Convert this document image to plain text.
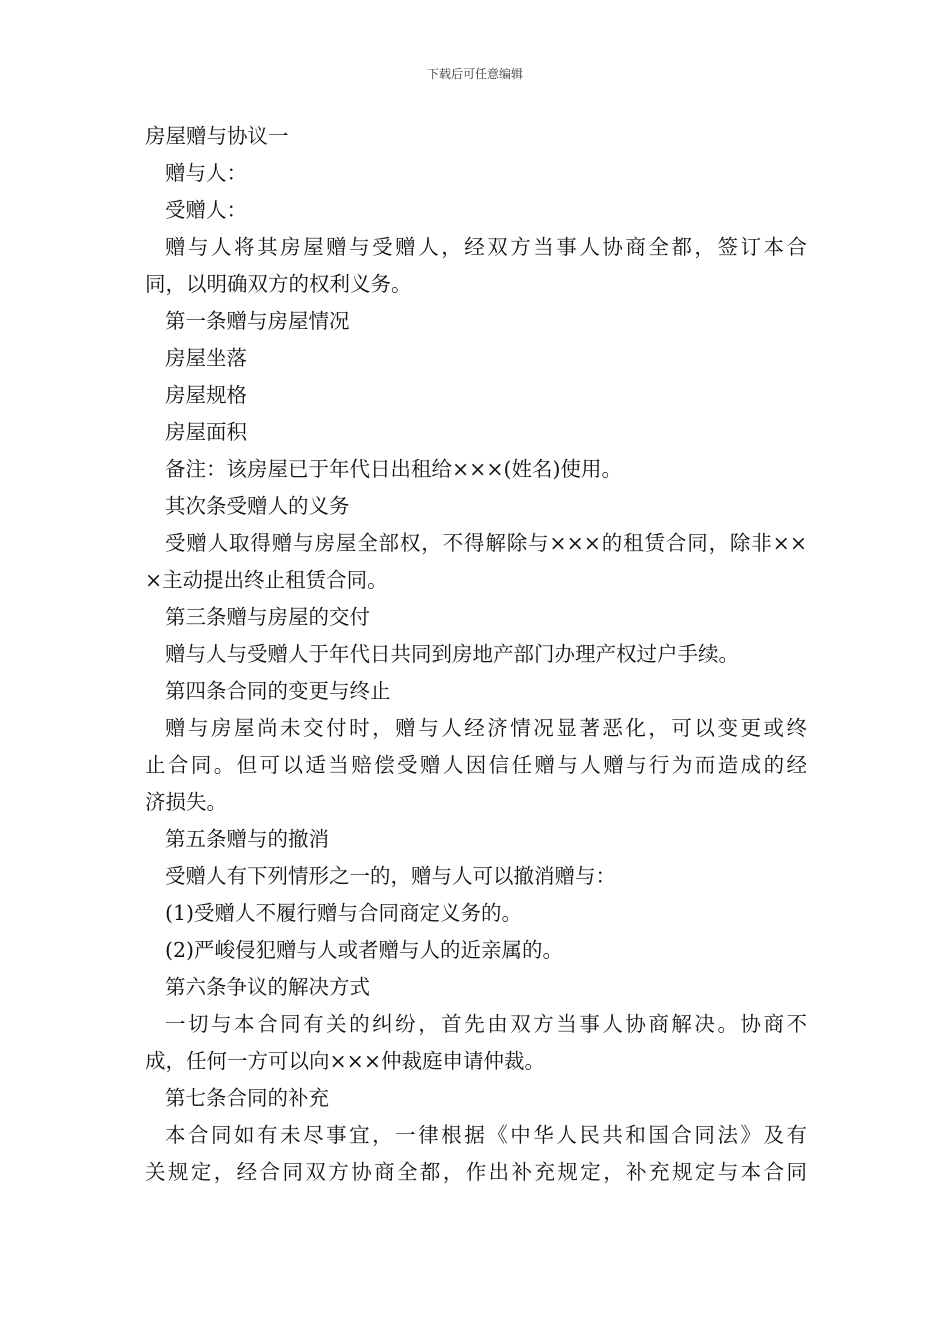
下载后可任意编辑
房屋赠与协议一
赠与人：
受赠人：
赠与人将其房屋赠与受赠人，经双方当事人协商全都，签订本合
同，以明确双方的权利义务。
第一条赠与房屋情况
房屋坐落
房屋规格
房屋面积
备注：该房屋已于年代日出租给×××(姓名)使用。
其次条受赠人的义务
受赠人取得赠与房屋全部权，不得解除与×××的租赁合同，除非××
×主动提出终止租赁合同。
第三条赠与房屋的交付
赠与人与受赠人于年代日共同到房地产部门办理产权过户手续。
第四条合同的变更与终止
赠与房屋尚未交付时，赠与人经济情况显著恶化，可以变更或终
止合同。但可以适当赔偿受赠人因信任赠与人赠与行为而造成的经
济损失。
第五条赠与的撤消
受赠人有下列情形之一的，赠与人可以撤消赠与：
(1)受赠人不履行赠与合同商定义务的。
(2)严峻侵犯赠与人或者赠与人的近亲属的。
第六条争议的解决方式
一切与本合同有关的纠纷，首先由双方当事人协商解决。协商不
成，任何一方可以向×××仲裁庭申请仲裁。
第七条合同的补充
本合同如有未尽事宜，一律根据《中华人民共和国合同法》及有
关规定，经合同双方协商全都，作出补充规定，补充规定与本合同
